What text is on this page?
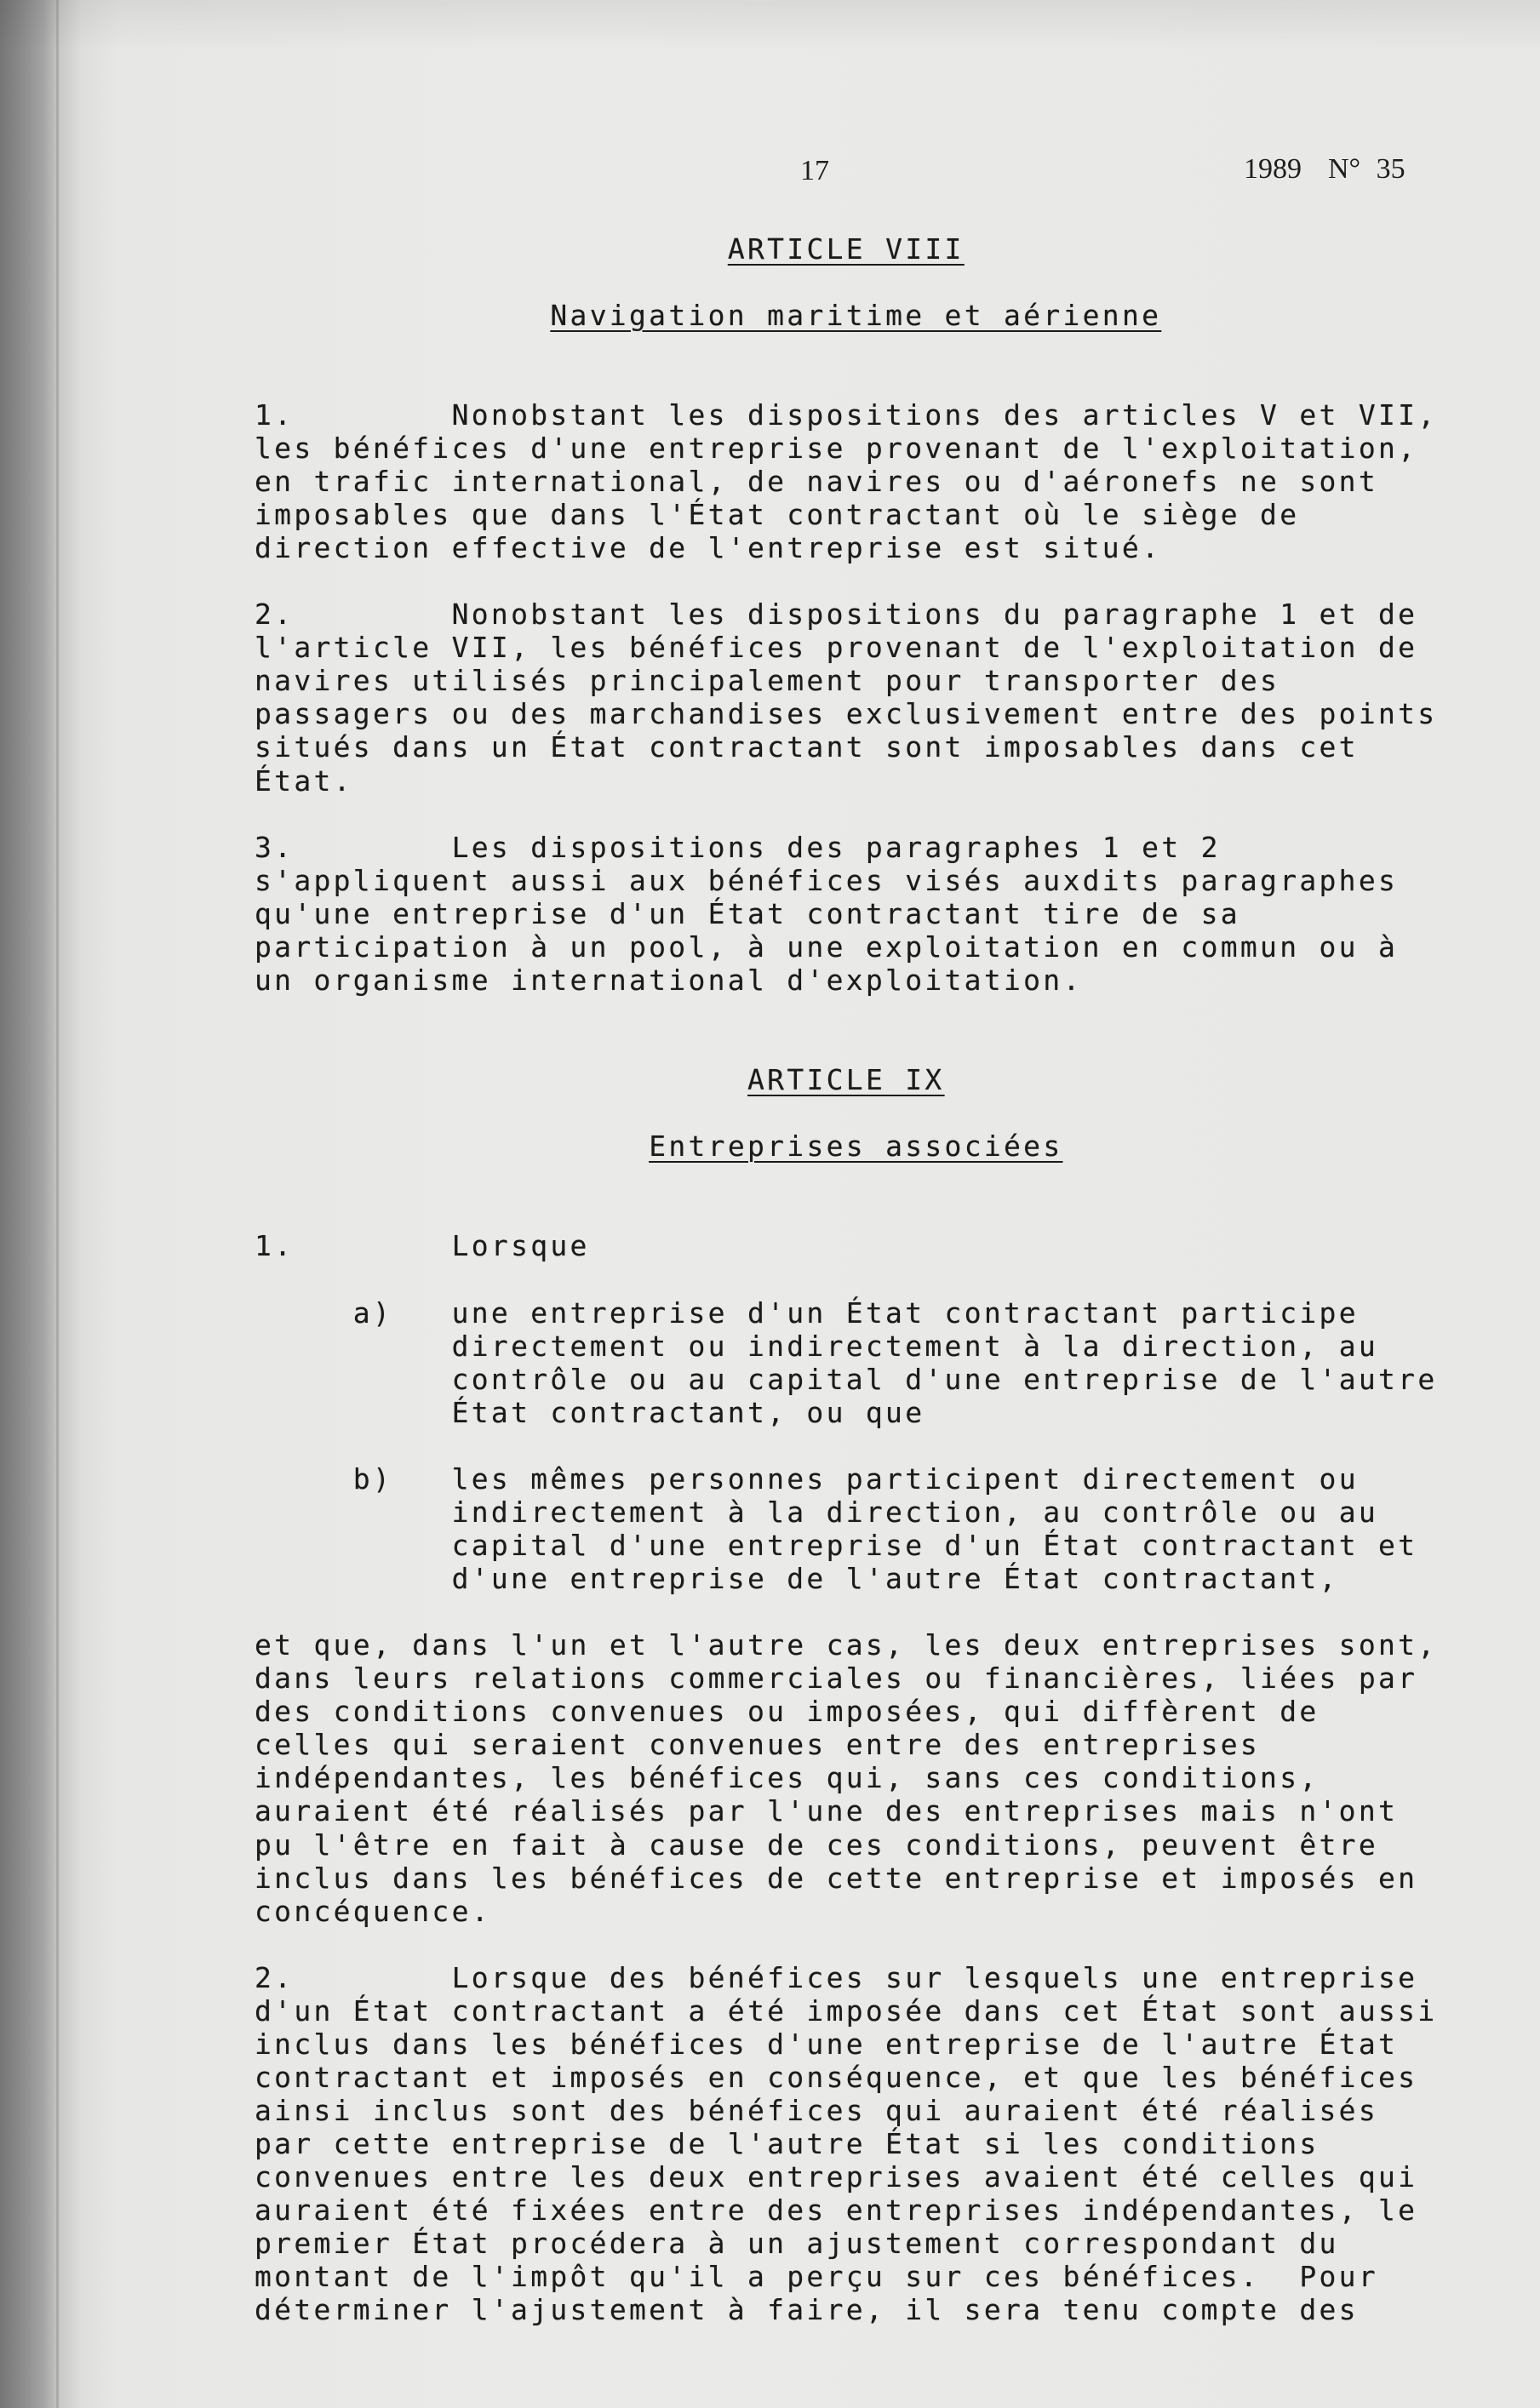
17	1989 N° 35
ARTICLE VIII
Navigation maritime et aérienne
1.	Nonobstant les dispositions des articles V et VII,
les bénéfices d'une entreprise provenant de l'exploitation,
en trafic international, de navires ou d'aéronefs ne sont
imposables que dans l'État contractant où le siège de
direction effective de l'entreprise est situé.
2.	Nonobstant les dispositions du paragraphe 1 et de
l'article VII, les bénéfices provenant de l'exploitation de
navires utilisés principalement pour transporter des
passagers ou des marchandises exclusivement entre des points
situés dans un État contractant sont imposables dans cet
État.
3.	Les dispositions des paragraphes 1 et 2
s'appliquent aussi aux bénéfices visés auxdits paragraphes
qu'une entreprise d'un État contractant tire de sa
participation à un pool, à une exploitation en commun ou à
un organisme international d'exploitation.
ARTICLE IX
Entreprises associées
1.	Lorsque
a) une entreprise d'un État contractant participe
directement ou indirectement à la direction, au
contrôle ou au capital d'une entreprise de l'autre
État contractant, ou que
b) les mêmes personnes participent directement ou
indirectement à la direction, au contrôle ou au
capital d'une entreprise d'un État contractant et
d'une entreprise de l'autre État contractant,
et que, dans l'un et l'autre cas, les deux entreprises sont,
dans leurs relations commerciales ou financières, liées par
des conditions convenues ou imposées, qui diffèrent de
celles qui seraient convenues entre des entreprises
indépendantes, les bénéfices qui, sans ces conditions,
auraient été réalisés par l'une des entreprises mais n'ont
pu l'être en fait à cause de ces conditions, peuvent être
inclus dans les bénéfices de cette entreprise et imposés en
concéquence.
2.	Lorsque des bénéfices sur lesquels une entreprise
d'un État contractant a été imposée dans cet État sont aussi
inclus dans les bénéfices d'une entreprise de l'autre État
contractant et imposés en conséquence, et que les bénéfices
ainsi inclus sont des bénéfices qui auraient été réalisés
par cette entreprise de l'autre État si les conditions
convenues entre les deux entreprises avaient été celles qui
auraient été fixées entre des entreprises indépendantes, le
premier État procédera à un ajustement correspondant du
montant de l'impôt qu'il a perçu sur ces bénéfices.  Pour
déterminer l'ajustement à faire, il sera tenu compte des
